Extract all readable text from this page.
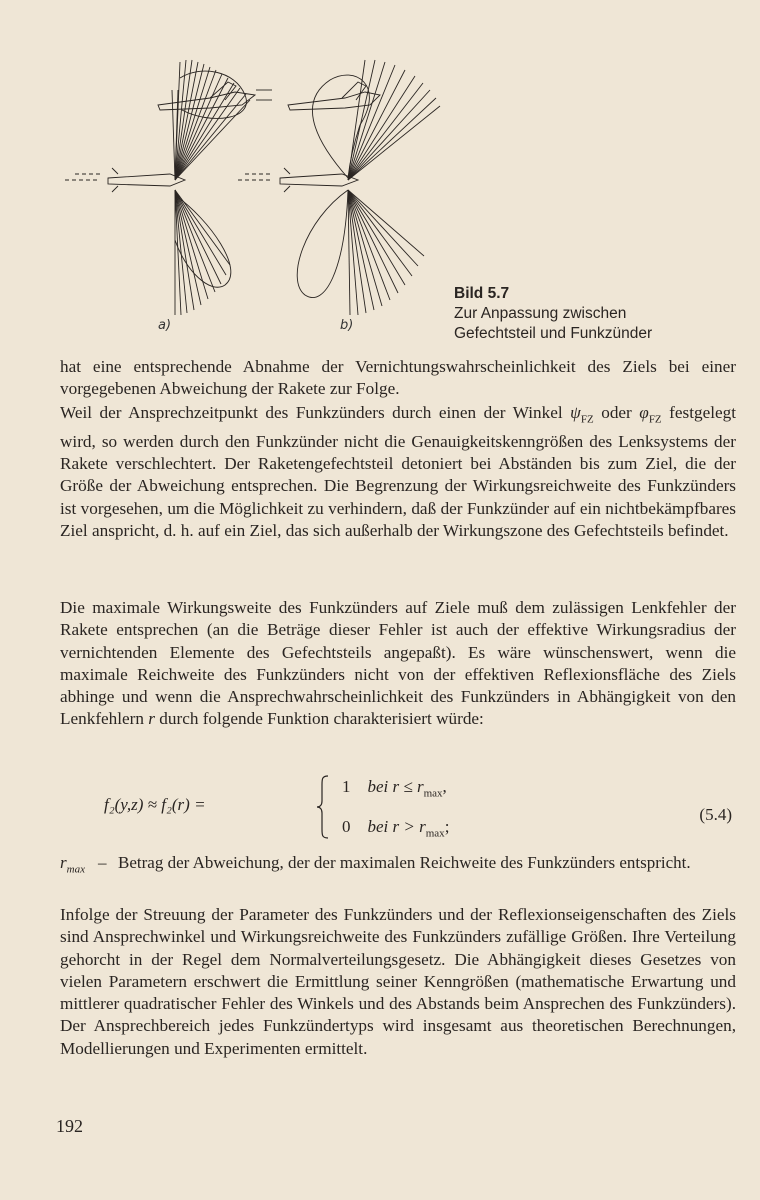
a)	b)
Bild 5.7
Zur Anpassung zwischen
Gefechtsteil und Funkzünder

hat eine entsprechende Abnahme der Vernichtungswahrscheinlichkeit des Ziels bei einer vorgegebenen Abweichung der Rakete zur Folge.

Weil der Ansprechzeitpunkt des Funkzünders durch einen der Winkel $\psi_{FZ}$ oder $\varphi_{FZ}$ festgelegt wird, so werden durch den Funkzünder nicht die Genauigkeitskenngrößen des Lenksystems der Rakete verschlechtert. Der Raketengefechtsteil detoniert bei Abständen bis zum Ziel, die der Größe der Abweichung entsprechen. Die Begrenzung der Wirkungsreichweite des Funkzünders ist vorgesehen, um die Möglichkeit zu verhindern, daß der Funkzünder auf ein nichtbekämpfbares Ziel anspricht, d. h. auf ein Ziel, das sich außerhalb der Wirkungszone des Gefechtsteils befindet.

Die maximale Wirkungsweite des Funkzünders auf Ziele muß dem zulässigen Lenkfehler der Rakete entsprechen (an die Beträge dieser Fehler ist auch der effektive Wirkungsradius der vernichtenden Elemente des Gefechtsteils angepaßt). Es wäre wünschenswert, wenn die maximale Reichweite des Funkzünders nicht von der effektiven Reflexionsfläche des Ziels abhinge und wenn die Ansprechwahrscheinlichkeit des Funkzünders in Abhängigkeit von den Lenkfehlern r durch folgende Funktion charakterisiert würde:

f₂(y,z) ≈ f₂(r) =
1 bei $r \le r_{max}$,
0 bei $r > r_{max}$;
(5.4)
$r_{max}$ – Betrag der Abweichung, der der maximalen Reichweite des Funkzünders entspricht.

Infolge der Streuung der Parameter des Funkzünders und der Reflexionseigenschaften des Ziels sind Ansprechwinkel und Wirkungsreichweite des Funkzünders zufällige Größen. Ihre Verteilung gehorcht in der Regel dem Normalverteilungsgesetz. Die Abhängigkeit dieses Gesetzes von vielen Parametern erschwert die Ermittlung seiner Kenngrößen (mathematische Erwartung und mittlerer quadratischer Fehler des Winkels und des Abstands beim Ansprechen des Funkzünders). Der Ansprechbereich jedes Funkzündertyps wird insgesamt aus theoretischen Berechnungen, Modellierungen und Experimenten ermittelt.

192
